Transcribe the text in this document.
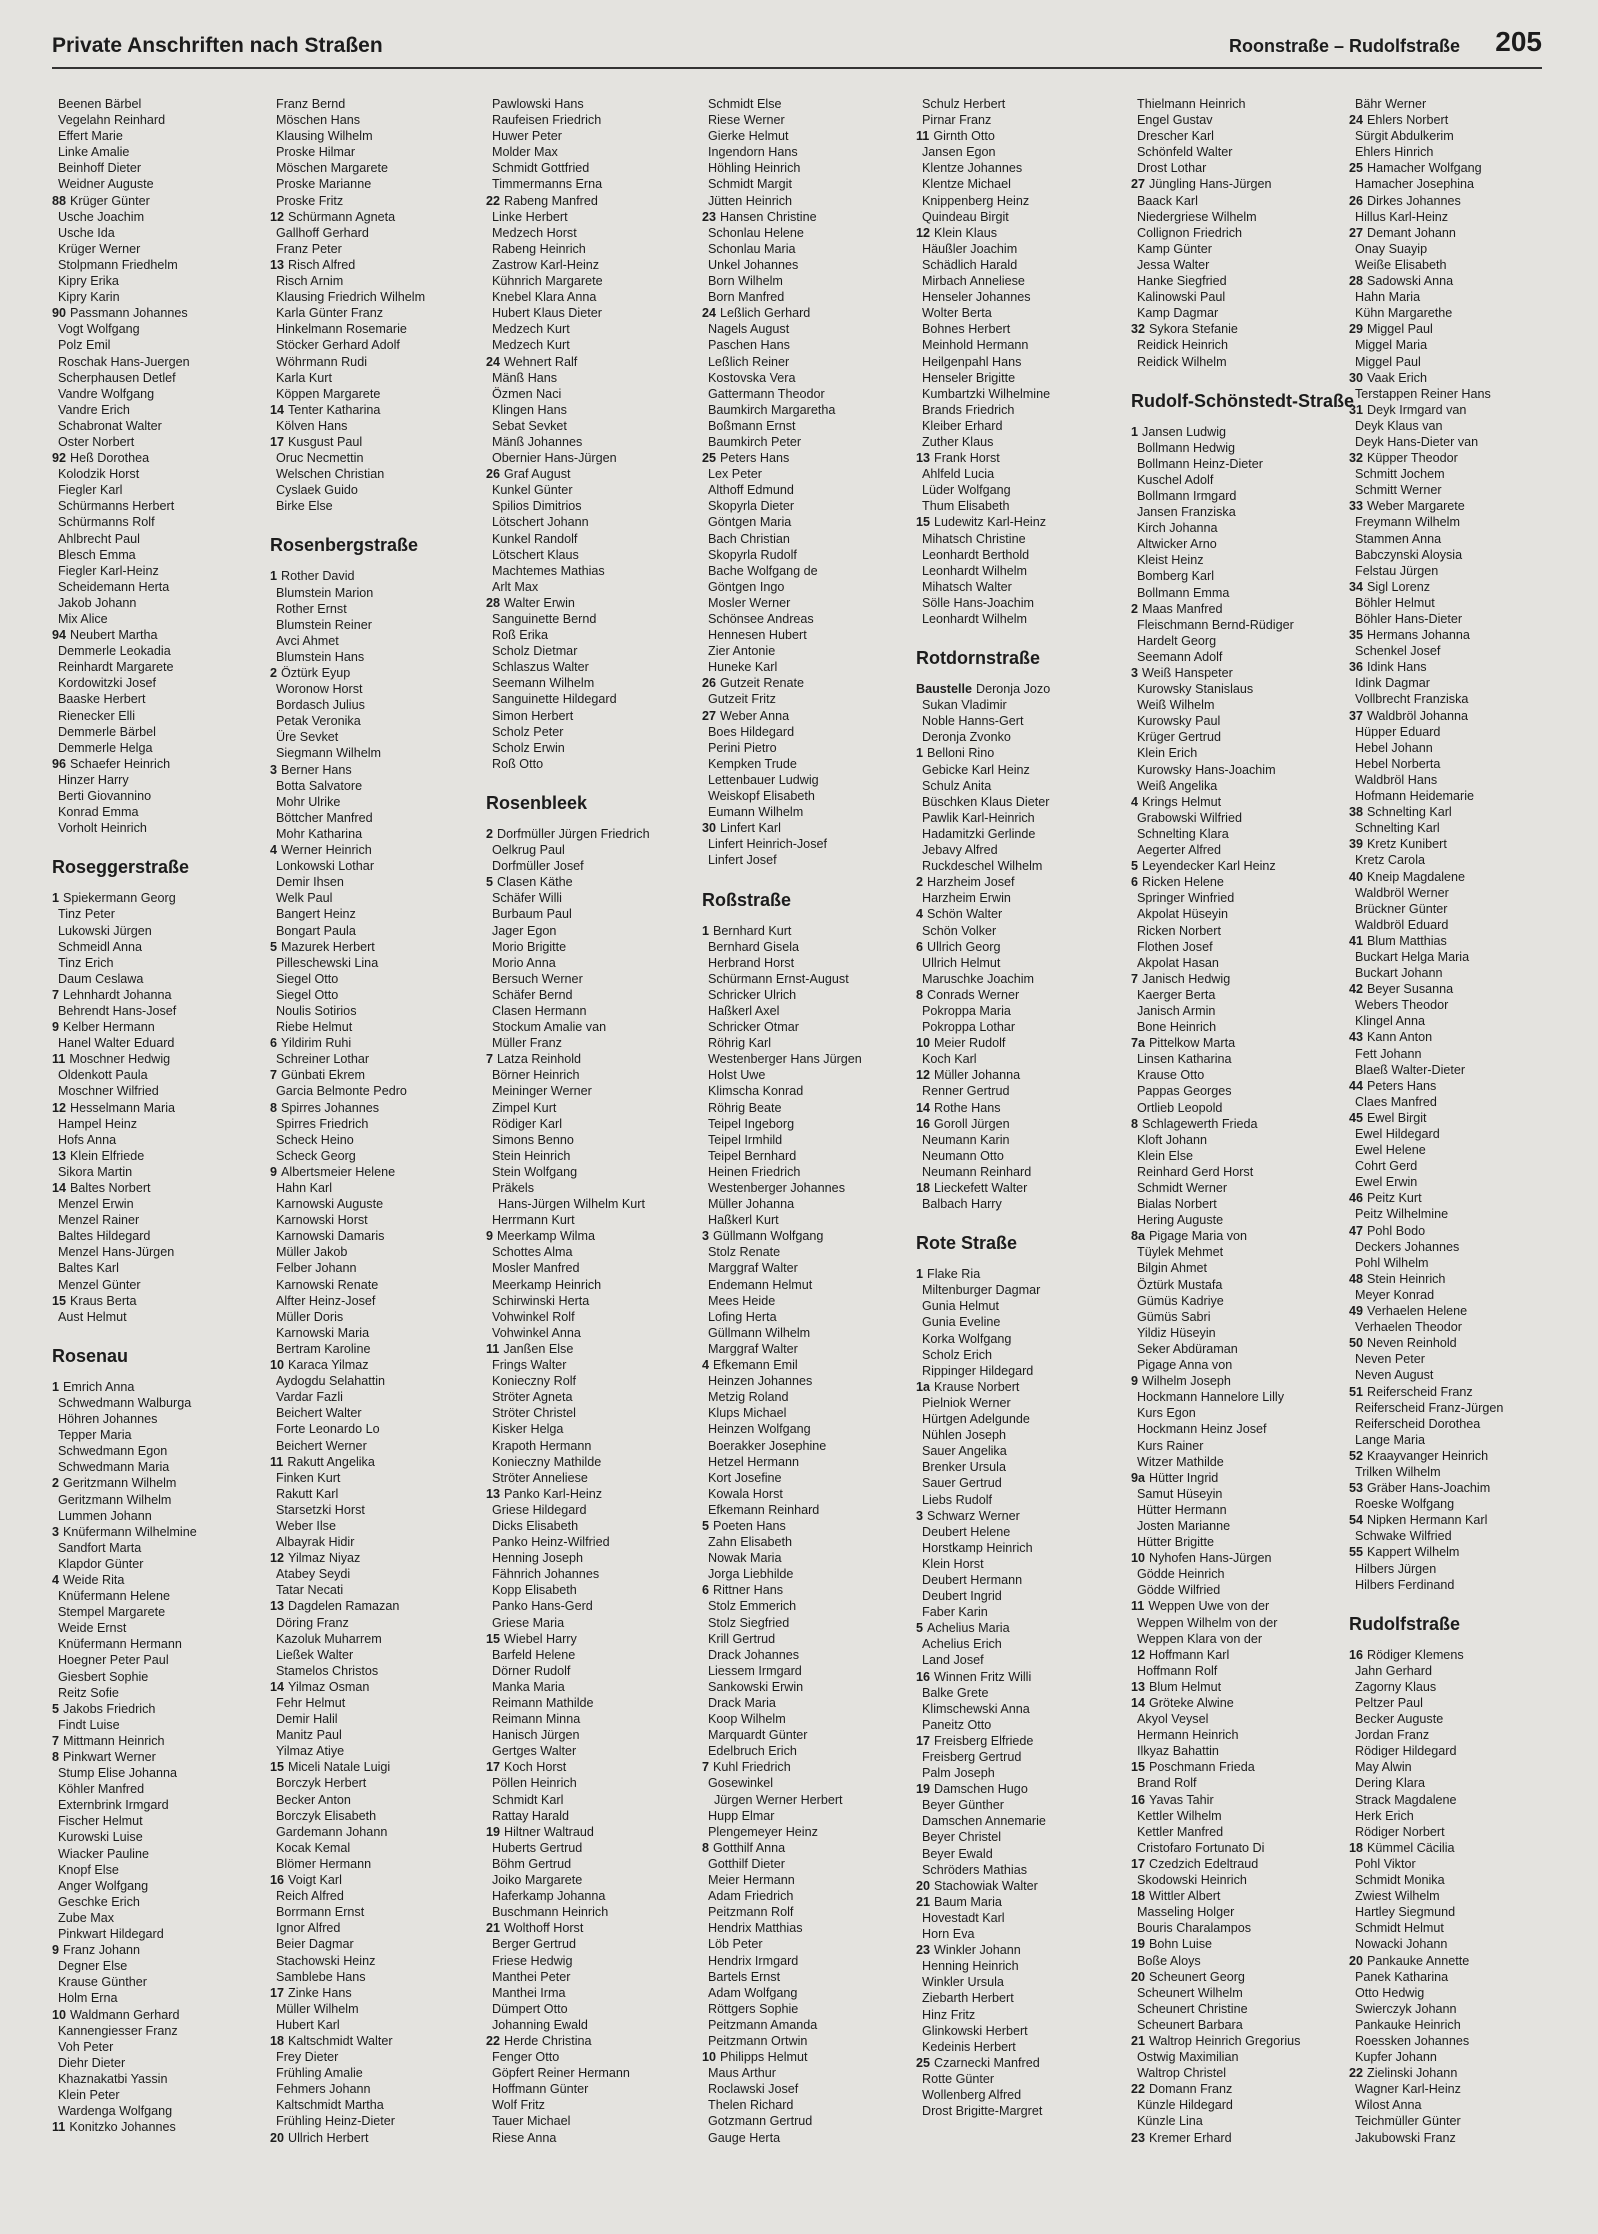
Private Anschriften nach Straßen	Roonstraße – Rudolfstraße 205
Beenen Bärbel
Vegelahn Reinhard
Effert Marie
Linke Amalie
Beinhoff Dieter
Weidner Auguste
88 Krüger Günter
Usche Joachim
Usche Ida
Krüger Werner
Stolpmann Friedhelm
Kipry Erika
Kipry Karin
90 Passmann Johannes
Vogt Wolfgang
Polz Emil
Roschak Hans-Juergen
Scherphausen Detlef
Vandre Wolfgang
Vandre Erich
Schabronat Walter
Oster Norbert
92 Heß Dorothea
Kolodzik Horst
Fiegler Karl
Schürmanns Herbert
Schürmanns Rolf
Ahlbrecht Paul
Blesch Emma
Fiegler Karl-Heinz
Scheidemann Herta
Jakob Johann
Mix Alice
94 Neubert Martha
Demmerle Leokadia
Reinhardt Margarete
Kordowitzki Josef
Baaske Herbert
Rienecker Elli
Demmerle Bärbel
Demmerle Helga
96 Schaefer Heinrich
Hinzer Harry
Berti Giovannino
Konrad Emma
Vorholt Heinrich
Roseggerstraße
1 Spiekermann Georg
Tinz Peter
Lukowski Jürgen
Schmeidl Anna
Tinz Erich
Daum Ceslawa
7 Lehnhardt Johanna
Behrendt Hans-Josef
9 Kelber Hermann
Hanel Walter Eduard
11 Moschner Hedwig
Oldenkott Paula
Moschner Wilfried
12 Hesselmann Maria
Hampel Heinz
Hofs Anna
13 Klein Elfriede
Sikora Martin
14 Baltes Norbert
Menzel Erwin
Menzel Rainer
Baltes Hildegard
Menzel Hans-Jürgen
Baltes Karl
Menzel Günter
15 Kraus Berta
Aust Helmut
Rosenau
1 Emrich Anna
Schwedmann Walburga
Höhren Johannes
Tepper Maria
Schwedmann Egon
Schwedmann Maria
2 Geritzmann Wilhelm
Geritzmann Wilhelm
Lummen Johann
3 Knüfermann Wilhelmine
Sandfort Marta
Klapdor Günter
4 Weide Rita
Knüfermann Helene
Stempel Margarete
Weide Ernst
Knüfermann Hermann
Hoegner Peter Paul
Giesbert Sophie
Reitz Sofie
5 Jakobs Friedrich
Findt Luise
7 Mittmann Heinrich
8 Pinkwart Werner
Stump Elise Johanna
Köhler Manfred
Externbrink Irmgard
Fischer Helmut
Kurowski Luise
Wiacker Pauline
Knopf Else
Anger Wolfgang
Geschke Erich
Zube Max
Pinkwart Hildegard
9 Franz Johann
Degner Else
Krause Günther
Holm Erna
10 Waldmann Gerhard
Kannengiesser Franz
Voh Peter
Diehr Dieter
Khaznakatbi Yassin
Klein Peter
Wardenga Wolfgang
11 Konitzko Johannes
Franz Bernd
Möschen Hans
Klausing Wilhelm
Proske Hilmar
Möschen Margarete
Proske Marianne
Proske Fritz
12 Schürmann Agneta
Gallhoff Gerhard
Franz Peter
13 Risch Alfred
Risch Arnim
Klausing Friedrich Wilhelm
Karla Günter Franz
Hinkelmann Rosemarie
Stöcker Gerhard Adolf
Wöhrmann Rudi
Karla Kurt
Köppen Margarete
14 Tenter Katharina
Kölven Hans
17 Kusgust Paul
Oruc Necmettin
Welschen Christian
Cyslaek Guido
Birke Else
Rosenbergstraße
1 Rother David
Blumstein Marion
Rother Ernst
Blumstein Reiner
Avci Ahmet
Blumstein Hans
2 Öztürk Eyup
Woronow Horst
Bordasch Julius
Petak Veronika
Üre Sevket
Siegmann Wilhelm
3 Berner Hans
Botta Salvatore
Mohr Ulrike
Böttcher Manfred
Mohr Katharina
4 Werner Heinrich
Lonkowski Lothar
Demir Ihsen
Welk Paul
Bangert Heinz
Bongart Paula
5 Mazurek Herbert
Pilleschewski Lina
Siegel Otto
Siegel Otto
Noulis Sotirios
Riebe Helmut
6 Yildirim Ruhi
Schreiner Lothar
7 Günbati Ekrem
Garcia Belmonte Pedro
8 Spirres Johannes
Spirres Friedrich
Scheck Heino
Scheck Georg
9 Albertsmeier Helene
Hahn Karl
Karnowski Auguste
Karnowski Horst
Karnowski Damaris
Müller Jakob
Felber Johann
Karnowski Renate
Alfter Heinz-Josef
Müller Doris
Karnowski Maria
Bertram Karoline
10 Karaca Yilmaz
Aydogdu Selahattin
Vardar Fazli
Beichert Walter
Forte Leonardo Lo
Beichert Werner
11 Rakutt Angelika
Finken Kurt
Rakutt Karl
Starsetzki Horst
Weber Ilse
Albayrak Hidir
12 Yilmaz Niyaz
Atabey Seydi
Tatar Necati
13 Dagdelen Ramazan
Döring Franz
Kazoluk Muharrem
Ließek Walter
Stamelos Christos
14 Yilmaz Osman
Fehr Helmut
Demir Halil
Manitz Paul
Yilmaz Atiye
15 Miceli Natale Luigi
Borczyk Herbert
Becker Anton
Borczyk Elisabeth
Gardemann Johann
Kocak Kemal
Blömer Hermann
16 Voigt Karl
Reich Alfred
Borrmann Ernst
Ignor Alfred
Beier Dagmar
Stachowski Heinz
Samblebe Hans
17 Zinke Hans
Müller Wilhelm
Hubert Karl
18 Kaltschmidt Walter
Frey Dieter
Frühling Amalie
Fehmers Johann
Kaltschmidt Martha
Frühling Heinz-Dieter
20 Ullrich Herbert
Pawlowski Hans
Raufeisen Friedrich
Huwer Peter
Molder Max
Schmidt Gottfried
Timmermanns Erna
22 Rabeng Manfred
Linke Herbert
Medzech Horst
Rabeng Heinrich
Zastrow Karl-Heinz
Kühnrich Margarete
Knebel Klara Anna
Hubert Klaus Dieter
Medzech Kurt
Medzech Kurt
24 Wehnert Ralf
Mänß Hans
Özmen Naci
Klingen Hans
Sebat Sevket
Mänß Johannes
Obernier Hans-Jürgen
26 Graf August
Kunkel Günter
Spilios Dimitrios
Lötschert Johann
Kunkel Randolf
Lötschert Klaus
Machtemes Mathias
Arlt Max
28 Walter Erwin
Sanguinette Bernd
Roß Erika
Scholz Dietmar
Schlaszus Walter
Seemann Wilhelm
Sanguinette Hildegard
Simon Herbert
Scholz Peter
Scholz Erwin
Roß Otto
Rosenbleek
2 Dorfmüller Jürgen Friedrich
Oelkrug Paul
Dorfmüller Josef
5 Clasen Käthe
Schäfer Willi
Burbaum Paul
Jager Egon
Morio Brigitte
Morio Anna
Bersuch Werner
Schäfer Bernd
Clasen Hermann
Stockum Amalie van
Müller Franz
7 Latza Reinhold
Börner Heinrich
Meininger Werner
Zimpel Kurt
Rödiger Karl
Simons Benno
Stein Heinrich
Stein Wolfgang
Präkels
Hans-Jürgen Wilhelm Kurt
Herrmann Kurt
9 Meerkamp Wilma
Schottes Alma
Mosler Manfred
Meerkamp Heinrich
Schirwinski Herta
Vohwinkel Rolf
Vohwinkel Anna
11 Janßen Else
Frings Walter
Konieczny Rolf
Ströter Agneta
Ströter Christel
Kisker Helga
Krapoth Hermann
Konieczny Mathilde
Ströter Anneliese
13 Panko Karl-Heinz
Griese Hildegard
Dicks Elisabeth
Panko Heinz-Wilfried
Henning Joseph
Fähnrich Johannes
Kopp Elisabeth
Panko Hans-Gerd
Griese Maria
15 Wiebel Harry
Barfeld Helene
Dörner Rudolf
Manka Maria
Reimann Mathilde
Reimann Minna
Hanisch Jürgen
Gertges Walter
17 Koch Horst
Pöllen Heinrich
Schmidt Karl
Rattay Harald
19 Hiltner Waltraud
Huberts Gertrud
Böhm Gertrud
Joiko Margarete
Haferkamp Johanna
Buschmann Heinrich
21 Wolthoff Horst
Berger Gertrud
Friese Hedwig
Manthei Peter
Manthei Irma
Dümpert Otto
Johanning Ewald
22 Herde Christina
Fenger Otto
Göpfert Reiner Hermann
Hoffmann Günter
Wolf Fritz
Tauer Michael
Riese Anna
Schmidt Else
Riese Werner
Gierke Helmut
Ingendorn Hans
Höhling Heinrich
Schmidt Margit
Jütten Heinrich
23 Hansen Christine
Schonlau Helene
Schonlau Maria
Unkel Johannes
Born Wilhelm
Born Manfred
24 Leßlich Gerhard
Nagels August
Paschen Hans
Leßlich Reiner
Kostovska Vera
Gattermann Theodor
Baumkirch Margaretha
Boßmann Ernst
Baumkirch Peter
25 Peters Hans
Lex Peter
Althoff Edmund
Skopyrla Dieter
Göntgen Maria
Bach Christian
Skopyrla Rudolf
Bache Wolfgang de
Göntgen Ingo
Mosler Werner
Schönsee Andreas
Hennesen Hubert
Zier Antonie
Huneke Karl
26 Gutzeit Renate
Gutzeit Fritz
27 Weber Anna
Boes Hildegard
Perini Pietro
Kempken Trude
Lettenbauer Ludwig
Weiskopf Elisabeth
Eumann Wilhelm
30 Linfert Karl
Linfert Heinrich-Josef
Linfert Josef
Roßstraße
1 Bernhard Kurt
Bernhard Gisela
Herbrand Horst
Schürmann Ernst-August
Schricker Ulrich
Haßkerl Axel
Schricker Otmar
Röhrig Karl
Westenberger Hans Jürgen
Holst Uwe
Klimscha Konrad
Röhrig Beate
Teipel Ingeborg
Teipel Irmhild
Teipel Bernhard
Heinen Friedrich
Westenberger Johannes
Müller Johanna
Haßkerl Kurt
3 Güllmann Wolfgang
Stolz Renate
Marggraf Walter
Endemann Helmut
Mees Heide
Lofing Herta
Güllmann Wilhelm
Marggraf Walter
4 Efkemann Emil
Heinzen Johannes
Metzig Roland
Klups Michael
Heinzen Wolfgang
Boerakker Josephine
Hetzel Hermann
Kort Josefine
Kowala Horst
Efkemann Reinhard
5 Poeten Hans
Zahn Elisabeth
Nowak Maria
Jorga Liebhilde
6 Rittner Hans
Stolz Emmerich
Stolz Siegfried
Krill Gertrud
Drack Johannes
Liessem Irmgard
Sankowski Erwin
Drack Maria
Koop Wilhelm
Marquardt Günter
Edelbruch Erich
7 Kuhl Friedrich
Gosewinkel
Jürgen Werner Herbert
Hupp Elmar
Plengemeyer Heinz
8 Gotthilf Anna
Gotthilf Dieter
Meier Hermann
Adam Friedrich
Peitzmann Rolf
Hendrix Matthias
Löb Peter
Hendrix Irmgard
Bartels Ernst
Adam Wolfgang
Röttgers Sophie
Peitzmann Amanda
Peitzmann Ortwin
10 Philipps Helmut
Maus Arthur
Roclawski Josef
Thelen Richard
Gotzmann Gertrud
Gauge Herta
Schulz Herbert
Pirnar Franz
11 Girnth Otto
Jansen Egon
Klentze Johannes
Klentze Michael
Knippenberg Heinz
Quindeau Birgit
12 Klein Klaus
Häußler Joachim
Schädlich Harald
Mirbach Anneliese
Henseler Johannes
Wolter Berta
Bohnes Herbert
Meinhold Hermann
Heilgenpahl Hans
Henseler Brigitte
Kumbartzki Wilhelmine
Brands Friedrich
Kleiber Erhard
Zuther Klaus
13 Frank Horst
Ahlfeld Lucia
Lüder Wolfgang
Thum Elisabeth
15 Ludewitz Karl-Heinz
Mihatsch Christine
Leonhardt Berthold
Leonhardt Wilhelm
Mihatsch Walter
Sölle Hans-Joachim
Leonhardt Wilhelm
Rotdornstraße
Baustelle Deronja Jozo
Sukan Vladimir
Noble Hanns-Gert
Deronja Zvonko
1 Belloni Rino
Gebicke Karl Heinz
Schulz Anita
Büschken Klaus Dieter
Pawlik Karl-Heinrich
Hadamitzki Gerlinde
Jebavy Alfred
Ruckdeschel Wilhelm
2 Harzheim Josef
Harzheim Erwin
4 Schön Walter
Schön Volker
6 Ullrich Georg
Ullrich Helmut
Maruschke Joachim
8 Conrads Werner
Pokroppa Maria
Pokroppa Lothar
10 Meier Rudolf
Koch Karl
12 Müller Johanna
Renner Gertrud
14 Rothe Hans
16 Goroll Jürgen
Neumann Karin
Neumann Otto
Neumann Reinhard
18 Lieckefett Walter
Balbach Harry
Rote Straße
1 Flake Ria
Miltenburger Dagmar
Gunia Helmut
Gunia Eveline
Korka Wolfgang
Scholz Erich
Rippinger Hildegard
1a Krause Norbert
Pielniok Werner
Hürtgen Adelgunde
Nühlen Joseph
Sauer Angelika
Brenker Ursula
Sauer Gertrud
Liebs Rudolf
3 Schwarz Werner
Deubert Helene
Horstkamp Heinrich
Klein Horst
Deubert Hermann
Deubert Ingrid
Faber Karin
5 Achelius Maria
Achelius Erich
Land Josef
16 Winnen Fritz Willi
Balke Grete
Klimschewski Anna
Paneitz Otto
17 Freisberg Elfriede
Freisberg Gertrud
Palm Joseph
19 Damschen Hugo
Beyer Günther
Damschen Annemarie
Beyer Christel
Beyer Ewald
Schröders Mathias
20 Stachowiak Walter
21 Baum Maria
Hovestadt Karl
Horn Eva
23 Winkler Johann
Henning Heinrich
Winkler Ursula
Ziebarth Herbert
Hinz Fritz
Glinkowski Herbert
Kedeinis Herbert
25 Czarnecki Manfred
Rotte Günter
Wollenberg Alfred
Drost Brigitte-Margret
Thielmann Heinrich
Engel Gustav
Drescher Karl
Schönfeld Walter
Drost Lothar
27 Jüngling Hans-Jürgen
Baack Karl
Niedergriese Wilhelm
Collignon Friedrich
Kamp Günter
Jessa Walter
Hanke Siegfried
Kalinowski Paul
Kamp Dagmar
32 Sykora Stefanie
Reidick Heinrich
Reidick Wilhelm
Rudolf-Schönstedt-Straße
1 Jansen Ludwig
Bollmann Hedwig
Bollmann Heinz-Dieter
Kuschel Adolf
Bollmann Irmgard
Jansen Franziska
Kirch Johanna
Altwicker Arno
Kleist Heinz
Bomberg Karl
Bollmann Emma
2 Maas Manfred
Fleischmann Bernd-Rüdiger
Hardelt Georg
Seemann Adolf
3 Weiß Hanspeter
Kurowsky Stanislaus
Weiß Wilhelm
Kurowsky Paul
Krüger Gertrud
Klein Erich
Kurowsky Hans-Joachim
Weiß Angelika
4 Krings Helmut
Grabowski Wilfried
Schnelting Klara
Aegerter Alfred
5 Leyendecker Karl Heinz
6 Ricken Helene
Springer Winfried
Akpolat Hüseyin
Ricken Norbert
Flothen Josef
Akpolat Hasan
7 Janisch Hedwig
Kaerger Berta
Janisch Armin
Bone Heinrich
7a Pittelkow Marta
Linsen Katharina
Krause Otto
Pappas Georges
Ortlieb Leopold
8 Schlagewerth Frieda
Kloft Johann
Klein Else
Reinhard Gerd Horst
Schmidt Werner
Bialas Norbert
Hering Auguste
8a Pigage Maria von
Tüylek Mehmet
Bilgin Ahmet
Öztürk Mustafa
Gümüs Kadriye
Gümüs Sabri
Yildiz Hüseyin
Seker Abdüraman
Pigage Anna von
9 Wilhelm Joseph
Hockmann Hannelore Lilly
Kurs Egon
Hockmann Heinz Josef
Kurs Rainer
Witzer Mathilde
9a Hütter Ingrid
Samut Hüseyin
Hütter Hermann
Josten Marianne
Hütter Brigitte
10 Nyhofen Hans-Jürgen
Gödde Heinrich
Gödde Wilfried
11 Weppen Uwe von der
Weppen Wilhelm von der
Weppen Klara von der
12 Hoffmann Karl
Hoffmann Rolf
13 Blum Helmut
14 Gröteke Alwine
Akyol Veysel
Hermann Heinrich
Ilkyaz Bahattin
15 Poschmann Frieda
Brand Rolf
16 Yavas Tahir
Kettler Wilhelm
Kettler Manfred
Cristofaro Fortunato Di
17 Czedzich Edeltraud
Skodowski Heinrich
18 Wittler Albert
Masseling Holger
Bouris Charalampos
19 Bohn Luise
Boße Aloys
20 Scheunert Georg
Scheunert Wilhelm
Scheunert Christine
Scheunert Barbara
21 Waltrop Heinrich Gregorius
Ostwig Maximilian
Waltrop Christel
22 Domann Franz
Künzle Hildegard
Künzle Lina
23 Kremer Erhard
Bähr Werner
24 Ehlers Norbert
Sürgit Abdulkerim
Ehlers Hinrich
25 Hamacher Wolfgang
Hamacher Josephina
26 Dirkes Johannes
Hillus Karl-Heinz
27 Demant Johann
Onay Suayip
Weiße Elisabeth
28 Sadowski Anna
Hahn Maria
Kühn Margarethe
29 Miggel Paul
Miggel Maria
Miggel Paul
30 Vaak Erich
Terstappen Reiner Hans
31 Deyk Irmgard van
Deyk Klaus van
Deyk Hans-Dieter van
32 Küpper Theodor
Schmitt Jochem
Schmitt Werner
33 Weber Margarete
Freymann Wilhelm
Stammen Anna
Babczynski Aloysia
Felstau Jürgen
34 Sigl Lorenz
Böhler Helmut
Böhler Hans-Dieter
35 Hermans Johanna
Schenkel Josef
36 Idink Hans
Idink Dagmar
Vollbrecht Franziska
37 Waldbröl Johanna
Hüpper Eduard
Hebel Johann
Hebel Norberta
Waldbröl Hans
Hofmann Heidemarie
38 Schnelting Karl
Schnelting Karl
39 Kretz Kunibert
Kretz Carola
40 Kneip Magdalene
Waldbröl Werner
Brückner Günter
Waldbröl Eduard
41 Blum Matthias
Buckart Helga Maria
Buckart Johann
42 Beyer Susanna
Webers Theodor
Klingel Anna
43 Kann Anton
Fett Johann
Blaeß Walter-Dieter
44 Peters Hans
Claes Manfred
45 Ewel Birgit
Ewel Hildegard
Ewel Helene
Cohrt Gerd
Ewel Erwin
46 Peitz Kurt
Peitz Wilhelmine
47 Pohl Bodo
Deckers Johannes
Pohl Wilhelm
48 Stein Heinrich
Meyer Konrad
49 Verhaelen Helene
Verhaelen Theodor
50 Neven Reinhold
Neven Peter
Neven August
51 Reiferscheid Franz
Reiferscheid Franz-Jürgen
Reiferscheid Dorothea
Lange Maria
52 Kraayvanger Heinrich
Trilken Wilhelm
53 Gräber Hans-Joachim
Roeske Wolfgang
54 Nipken Hermann Karl
Schwake Wilfried
55 Kappert Wilhelm
Hilbers Jürgen
Hilbers Ferdinand
Rudolfstraße
16 Rödiger Klemens
Jahn Gerhard
Zagorny Klaus
Peltzer Paul
Becker Auguste
Jordan Franz
Rödiger Hildegard
May Alwin
Dering Klara
Strack Magdalene
Herk Erich
Rödiger Norbert
18 Kümmel Cäcilia
Pohl Viktor
Schmidt Monika
Zwiest Wilhelm
Hartley Siegmund
Schmidt Helmut
Nowacki Johann
20 Pankauke Annette
Panek Katharina
Otto Hedwig
Swierczyk Johann
Pankauke Heinrich
Roessken Johannes
Kupfer Johann
22 Zielinski Johann
Wagner Karl-Heinz
Wilost Anna
Teichmüller Günter
Jakubowski Franz
